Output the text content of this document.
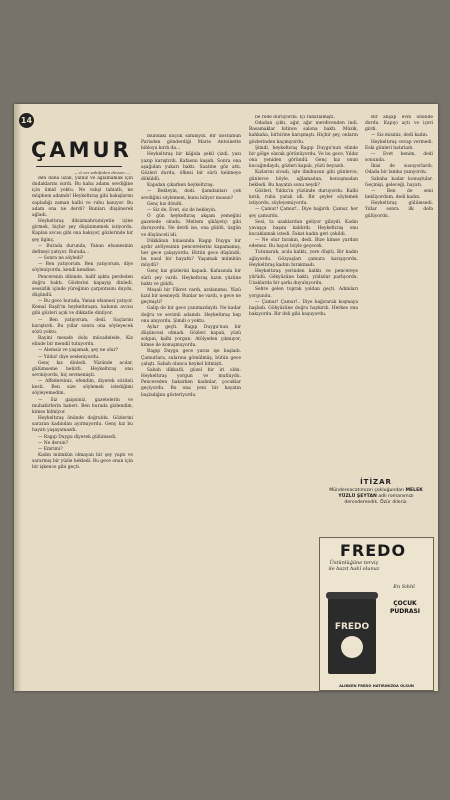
14
ÇAMUR
— 6 ncı sahifeden devam —

den daha uzak, yalnız ve ağlamamak için dudaklarını ısırdı. Bu kaba adamı sevdiğine için ümid yoktu. Ne vahşi tabiatlı, ne müphem adamdı! Heykeltıraş gibi bakışlarını sapladığı zaman kalbi ve ruhu kanıyor. Bu adam ona ne derdi? Bunları düşünerek ağladı.

Heykeltıraş dilsizmahrumiyetin içine girmek, hiçbir şey düşünmemek istiyordu. Kaplan avcısı gibi ona bakıyor, gözlerinde bir şey ilginç.

— Burada durunda, Yanan efsanesinin defineyi yatıyor. Burada...

— Sonra ne söyledi?

— Ben yatıyorum. Ben yatıyorum, diye söyleniyordu, kendi kendine.

Pencerenin dibinde, hafif ışıkta perdeden doğru baktı. Gözlerini kapayıp dinledi, sessizlik içinde yüreğinin çarpıntısını duydu, düşündü.

— Bu gece burada, Yanan efsanesi yatıyor. Kemal Raşit'in heykeltıraşın, kabının avcısı gibi gözleri açık ve dikkatle dinliyor.

— Ben yatıyorum, dedi. Saçlarını karıştırdı. Bu yıllar sonra ona söyleyecek sözü yoktu.

Rayini mesafe dolu mücadelede, Kiz elinde bir mendil tutuyordu.

— Alemsiz ve yaşamak, şey ne olur?

— Yıldız! diye sesleniyordu.

Genç kız dinledi. Yüzünde acılar, gülümseme belirdi. Heykeltıraş onu sevmiyordu, hiç sevmemişti.

— Affedersiniz, efendim, diyerek sözünü kesti. Ben size söylemek istediğimi söyleyemedim.

— Siz gaipsiniz, gazetelerin ve muhabirlerin haberi. Ben burada gizlendim, kimse bilmiyor.

Heykeltıraş önünde doğruldu. Gözlerini sararan kadından ayırmıyordu. Genç kız bu hayatı yaşayamazdı.

— Ragıp Duygu diyerek gülümsedi.

— Ne dersin?

— Emrimi?

Kadın mümkün olmayan bir şey yaptı ve sararmış bir yüzle bekledi. Bu gece onun için bir işkence gibi geçti.

mundaki küçük sahibiydi. Bir dostumun Parisden gönderdiği Marie Antoinette bibloyu kırdı da...

Heykeltıraş bir kâğıda şekil çizdi, yazı yazıp karıştırdı. Kafasını kaşıdı. Sonra ona aşağıdan yukarı baktı. Saatine göz attı. Gözleri durdu, öfkesi bir sürü kelimeye döküldü.

Kapıdan çıkarken heykeltıraş:

— Bekleyin, dedi. Şamdanları çok sevdiğini söylemem, bunu biliyor musun?

Genç kız döndü.

— Siz de, Evet, siz de bekleyin.

O gün heykeltıraş akşam yemeğini gazetede okudu. Meltem şikâyetçi gibi duruyordu. Ne derdi ise, ona güldü, üzgün ve düşünceli idi.

Dükkânın binasında Ragıp Duygu bir aydır atölyesinin pencerelerini kapamamış, her gece çalışıyordu. Bütün gece düşündü, bu nasıl bir hayattı? Yaşamak mümkün müydü?

Genç kız gözlerini kapadı. Kafasında bir sürü şey vardı. Heykeltıraş kızın yüzüne baktı ve güldü.

Meşali bir Fikret vardı, arslanımsı. Yüzü kızıl bir nesneydi. Bunlar ne vardı, o gece ne geçmişti?

Galip de bir gece yanımızdaydı. Ne kadar doğru ve sevimli adamdı. Heykeltıraş hep onu anıyordu. Şimdi o yoktu.

Aylar geçti. Ragıp Duygu'nun bir düşüncesi olmadı. Gözleri kapalı, yüzü solgun, kalbi yorgun. Atölyeden çıkmıyor, kimse ile konuşmuyordu.

Ragıp Duygu gece yarısı işe başladı. Çamurlara, sularına gömülmüş, bütün gece çalıştı. Sabah olunca heykel bitmişti.

Sabah dikkatli, güzel bir iri oldu. Heykeltıraş yorgun ve mutluydu. Pencereden bakarken kadınlar, çocuklar geçiyordu. Bu ona yeni bir hayatın başladığını gösteriyordu.

be rede duruyordu. İçi rahatlamıştı.

Odadan çıktı, ağır, ağır merdivenden indi. Basamaklar bitince salona baktı. Müzik, kahkaha, birbirine karışmıştı. Hiçbir şey, onların gözlerinden kaçmıyordu.

Şimdi, heykeltıraş Ragıp Duygu'nun elinde bir gölge olarak görünüyordu. Ve bu gece, Yıldız ona yeniden göründü. Genç kız onun kucağındaydı, gözleri kapalı, yüzü beyazdı.

Kızlarını sivadı, işte ilmihusun gibi günlerce, günlerce böyle, ağlamadan, konuşmadan bekledi. Bu hayatın sonu neydi?

Gözleri, Yıldız'ın yüzünde duruyordu. Kalbi kırık, ruhu yaralı idi. Bir şeyler söylemek istiyordu, söyleyemiyordu.

— Çamur! Çamur!.. Diye bağırdı. Çamur, her şey çamurdu.

Sesi, ta uzaklardan geliyor gibiydi. Kadın yavaşça başını kaldırdı. Heykeltıraş onu kucaklamak istedi. Fakat kadın geri çekildi.

— Ne olur bırakın, dedi. Bize kimse yardım edemez. Bu hayat böyle geçecek.

Tutunarak, acıla kalktı, yere düştü. Bir kadın ağlıyordu. Gözyaşları çamura karışıyordu. Heykeltıraş kadını bırakmadı.

Heykeltıraş yerinden kalktı ve pencereye yürüdü. Gökyüzüne baktı, yıldızlar parlıyordu. Uzaklarda bir şarkı duyuluyordu.

Sehre gelen toprak yoldan geçti. Adımları yorgundu.

— Çamur! Çamur!.. Diye bağırarak koşmaya başladı. Gökyüzüne doğru haykırdı. Herkes ona bakıyordu. Bir deli gibi koşuyordu.

Bir ahşap evin önünde durdu. Kapıyı açtı ve içeri girdi.

— Siz misiniz, dedi kadın.

Heykeltıraş cevap vermedi. Eski günleri hatırladı.

— Evet benim, dedi sonunda.

İkisi de susuyorlardı. Odada bir lamba yanıyordu.

Sabaha kadar konuştular. Geçmişi, geleceği, hayatı.

— Ben de seni bekliyordum, dedi kadın.

Heykeltıraş gülümsedi. Yıllar sonra ilk defa gülüyordu.

İTİZAR
Mündereacatımızın çokluğundan MELEK YÜZLÜ ŞEYTAN adlı romanımızı dercedemedik. Özür dileriz.
FREDO
Üstünlüğüne terviç ile bazıt hakî olunuz
En Sıhhî
ÇOCUK
PUDRASI
FREDO
ALIRKEN FREDO HATIRINIZDA OLSUN
